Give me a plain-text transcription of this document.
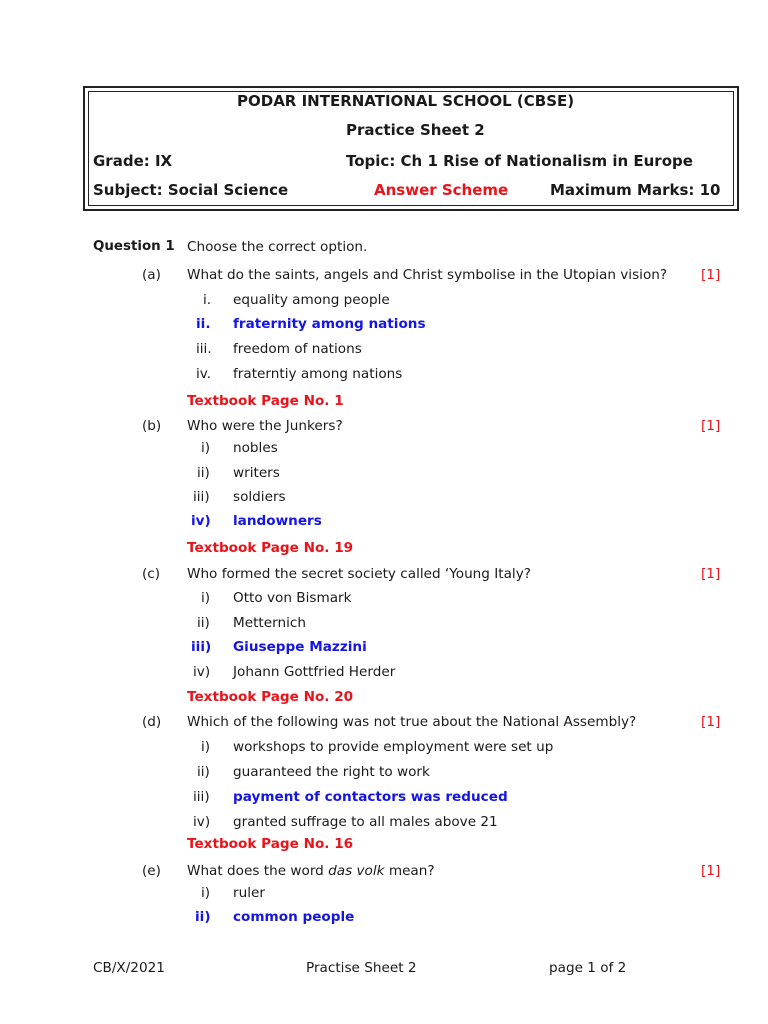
PODAR INTERNATIONAL SCHOOL (CBSE)
Practice Sheet 2
Grade: IX	Topic: Ch 1 Rise of Nationalism in Europe
Subject: Social Science	Answer Scheme	Maximum Marks: 10
Question 1 Choose the correct option.
(a) What do the saints, angels and Christ symbolise in the Utopian vision? [1]
i. equality among people
ii. fraternity among nations
iii. freedom of nations
iv. fraterntiy among nations
Textbook Page No. 1
(b) Who were the Junkers?	[1]
i) nobles
ii) writers
iii) soldiers
iv) landowners
Textbook Page No. 19
(c) Who formed the secret society called ‘Young Italy?	[1]
i) Otto von Bismark
ii) Metternich
iii) Giuseppe Mazzini
iv) Johann Gottfried Herder
Textbook Page No. 20
(d) Which of the following was not true about the National Assembly?	[1]
i) workshops to provide employment were set up
ii) guaranteed the right to work
iii) payment of contactors was reduced
iv) granted suffrage to all males above 21
Textbook Page No. 16
(e) What does the word das volk mean?	[1]
i) ruler
ii) common people
CB/X/2021	Practise Sheet 2	page 1 of 2
